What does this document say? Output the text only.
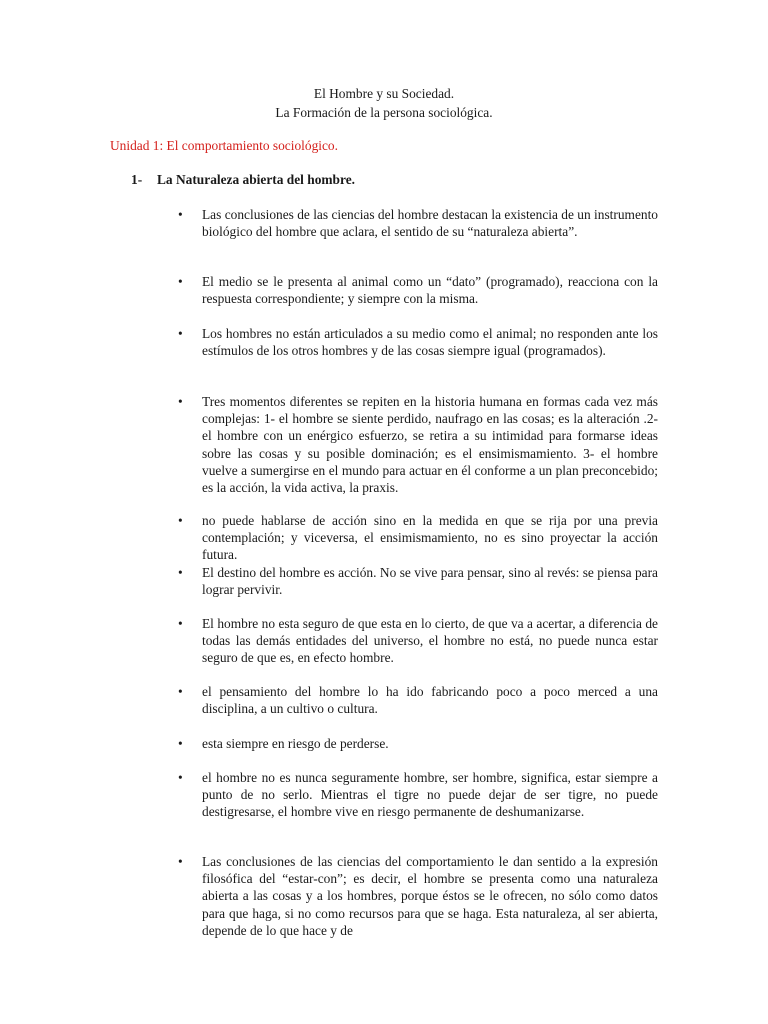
El Hombre y su Sociedad.
La Formación de la persona sociológica.
Unidad 1: El comportamiento sociológico.
1- La Naturaleza abierta del hombre.
•	Las conclusiones de las ciencias del hombre destacan la existencia de un instrumento biológico del hombre que aclara, el sentido de su “naturaleza abierta”.
•	El medio se le presenta al animal como un “dato” (programado), reacciona con la respuesta correspondiente; y siempre con la misma.
•	Los hombres no están articulados a su medio como el animal; no responden ante los estímulos de los otros hombres y de las cosas siempre igual (programados).
•	Tres momentos diferentes se repiten en la historia humana en formas cada vez más complejas: 1- el hombre se siente perdido, naufrago en las cosas; es la alteración .2- el hombre con un enérgico esfuerzo, se retira a su intimidad para formarse ideas sobre las cosas y su posible dominación; es el ensimismamiento. 3- el hombre vuelve a sumergirse en el mundo para actuar en él conforme a un plan preconcebido; es la acción, la vida activa, la praxis.
•	no puede hablarse de acción sino en la medida en que se rija por una previa contemplación; y viceversa, el ensimismamiento, no es sino proyectar la acción futura.
•	El destino del hombre es acción. No se vive para pensar, sino al revés: se piensa para lograr pervivir.
•	El hombre no esta seguro de que esta en lo cierto, de que va a acertar, a diferencia de todas las demás entidades del universo, el hombre no está, no puede nunca estar seguro de que es, en efecto hombre.
•	el pensamiento del hombre lo ha ido fabricando poco a poco merced a una disciplina, a un cultivo o cultura.
•	esta siempre en riesgo de perderse.
•	el hombre no es nunca seguramente hombre, ser hombre, significa, estar siempre a punto de no serlo. Mientras el tigre no puede dejar de ser tigre, no puede destigresarse, el hombre vive en riesgo permanente de deshumanizarse.
•	Las conclusiones de las ciencias del comportamiento le dan sentido a la expresión filosófica del “estar-con”; es decir, el hombre se presenta como una naturaleza abierta a las cosas y a los hombres, porque éstos se le ofrecen, no sólo como datos para que haga, si no como recursos para que se haga. Esta naturaleza, al ser abierta, depende de lo que hace y de
